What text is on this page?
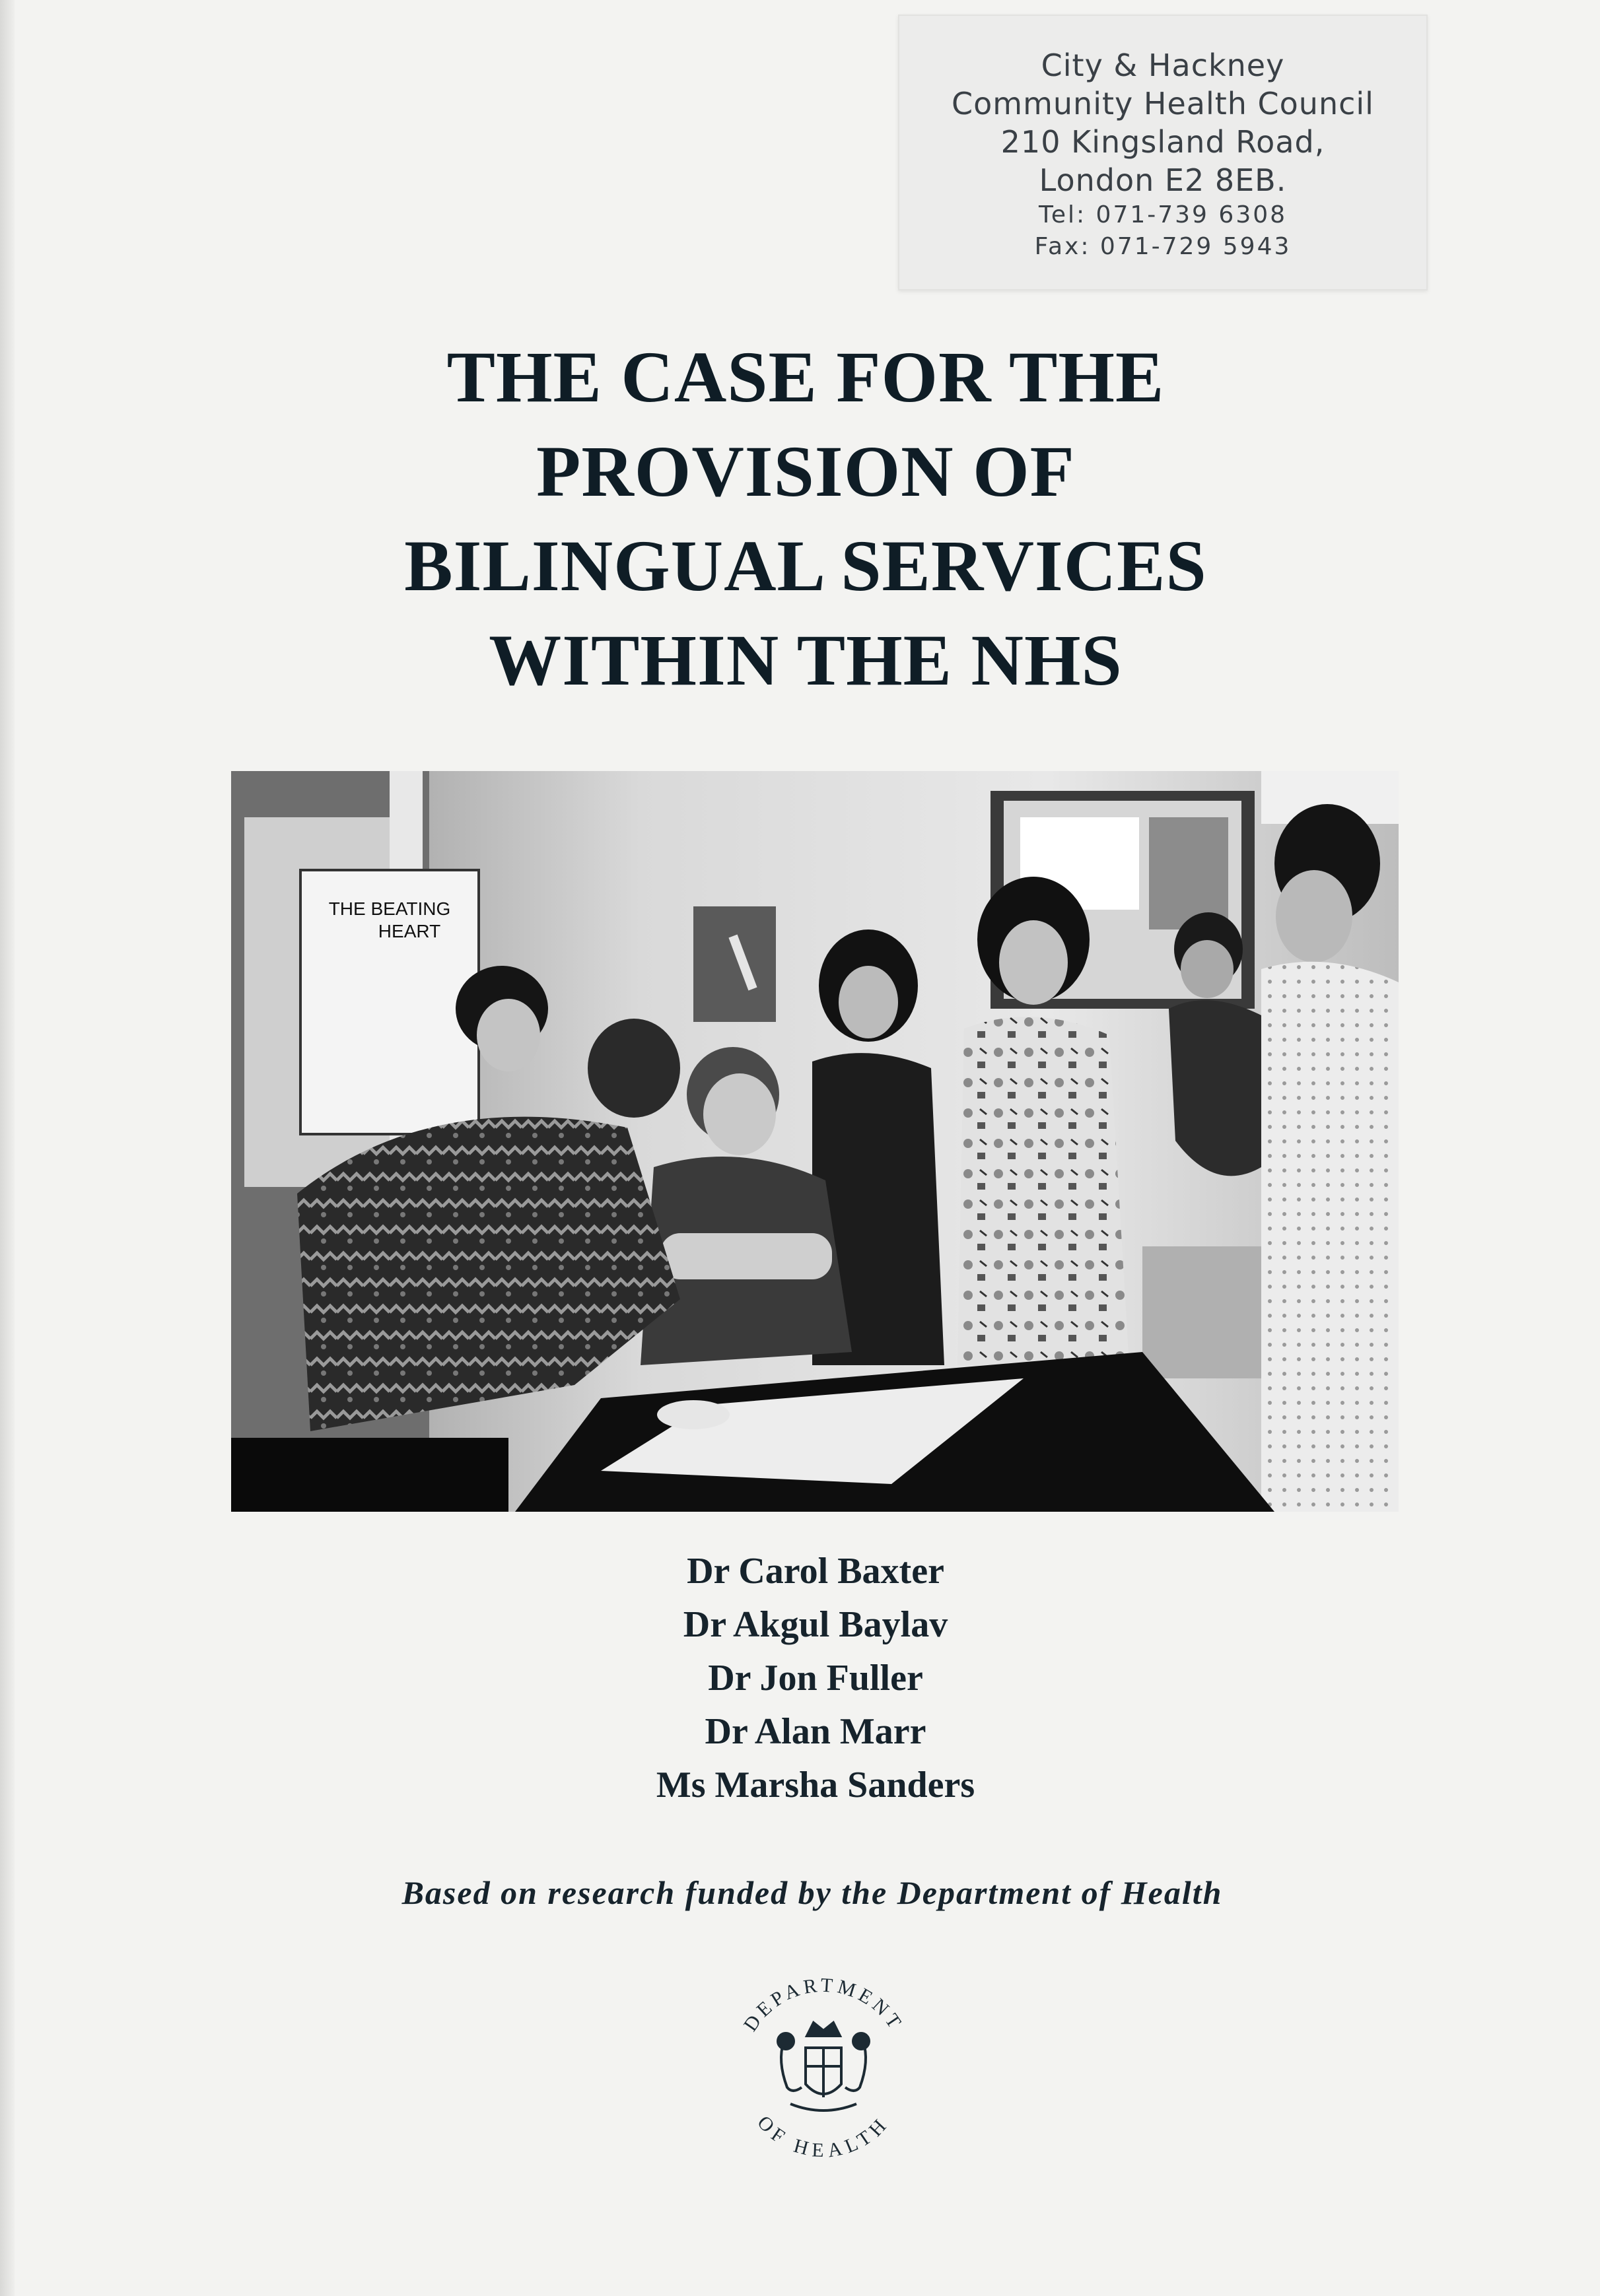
City & Hackney
Community Health Council
210 Kingsland Road,
London E2 8EB.
Tel: 071-739 6308
Fax: 071-729 5943
THE CASE FOR THE
PROVISION OF
BILINGUAL SERVICES
WITHIN THE NHS
THE BEATING
HEART
Dr Carol Baxter
Dr Akgul Baylav
Dr Jon Fuller
Dr Alan Marr
Ms Marsha Sanders
Based on research funded by the Department of Health
DEPARTMENT
OF HEALTH
